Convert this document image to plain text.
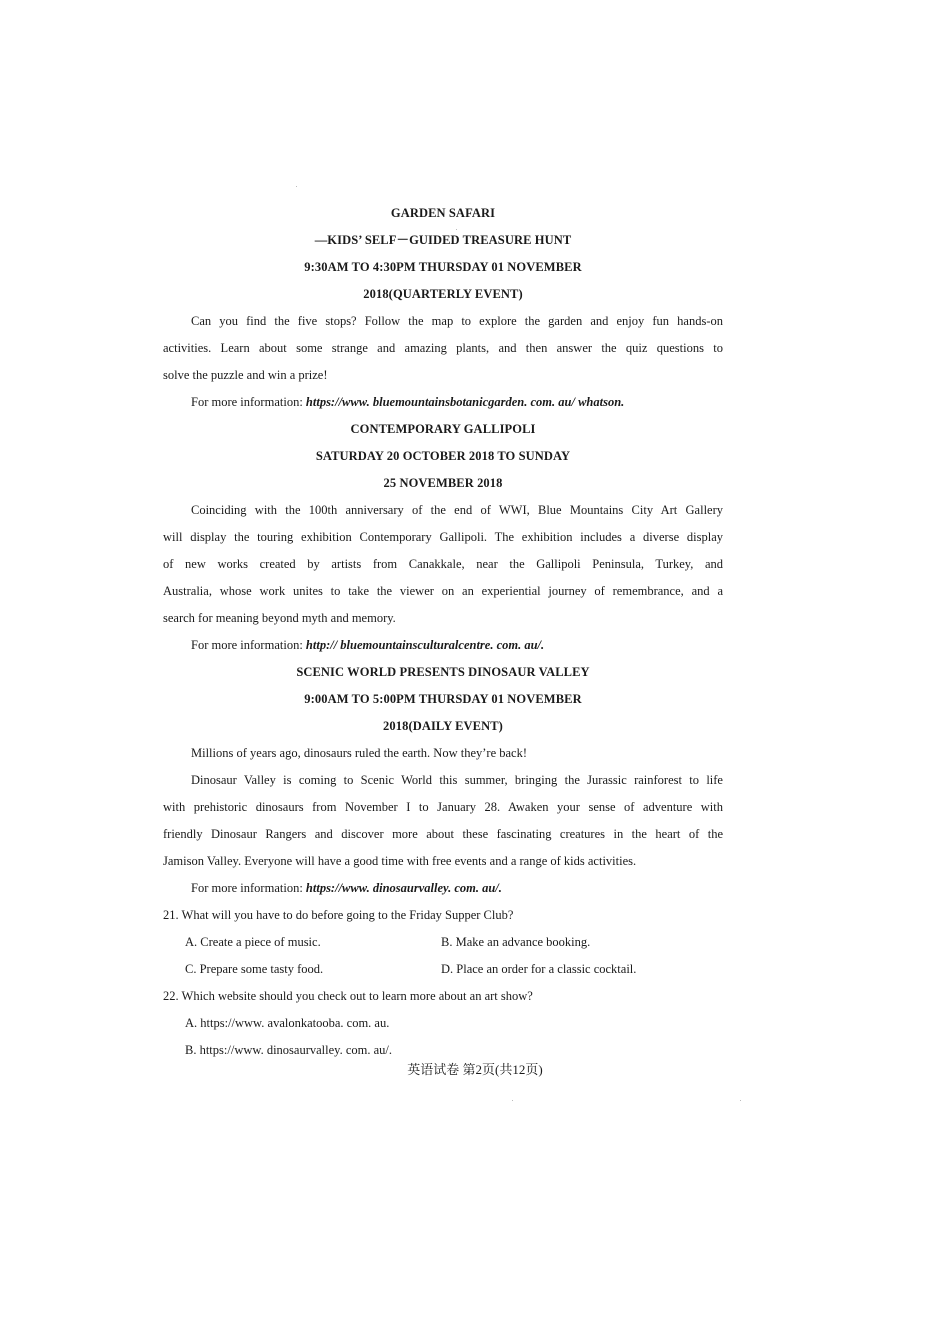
GARDEN SAFARI
—KIDS’ SELF－GUIDED TREASURE HUNT
9:30AM TO 4:30PM THURSDAY 01 NOVEMBER
2018(QUARTERLY EVENT)
Can you find the five stops? Follow the map to explore the garden and enjoy fun hands-on
activities. Learn about some strange and amazing plants, and then answer the quiz questions to
solve the puzzle and win a prize!
For more information: https://www. bluemountainsbotanicgarden. com. au/ whatson.
CONTEMPORARY GALLIPOLI
SATURDAY 20 OCTOBER 2018 TO SUNDAY
25 NOVEMBER 2018
Coinciding with the 100th anniversary of the end of WWI, Blue Mountains City Art Gallery
will display the touring exhibition Contemporary Gallipoli. The exhibition includes a diverse display
of new works created by artists from Canakkale, near the Gallipoli Peninsula, Turkey, and
Australia, whose work unites to take the viewer on an experiential journey of remembrance, and a
search for meaning beyond myth and memory.
For more information: http:// bluemountainsculturalcentre. com. au/.
SCENIC WORLD PRESENTS DINOSAUR VALLEY
9:00AM TO 5:00PM THURSDAY 01 NOVEMBER
2018(DAILY EVENT)
Millions of years ago, dinosaurs ruled the earth. Now they’re back!
Dinosaur Valley is coming to Scenic World this summer, bringing the Jurassic rainforest to life
with prehistoric dinosaurs from November I to January 28. Awaken your sense of adventure with
friendly Dinosaur Rangers and discover more about these fascinating creatures in the heart of the
Jamison Valley. Everyone will have a good time with free events and a range of kids activities.
For more information: https://www. dinosaurvalley. com. au/.
21. What will you have to do before going to the Friday Supper Club?
A. Create a piece of music.	B. Make an advance booking.
C. Prepare some tasty food.	D. Place an order for a classic cocktail.
22. Which website should you check out to learn more about an art show?
A. https://www. avalonkatooba. com. au.
B. https://www. dinosaurvalley. com. au/.
英语试卷 第2页(共12页)
